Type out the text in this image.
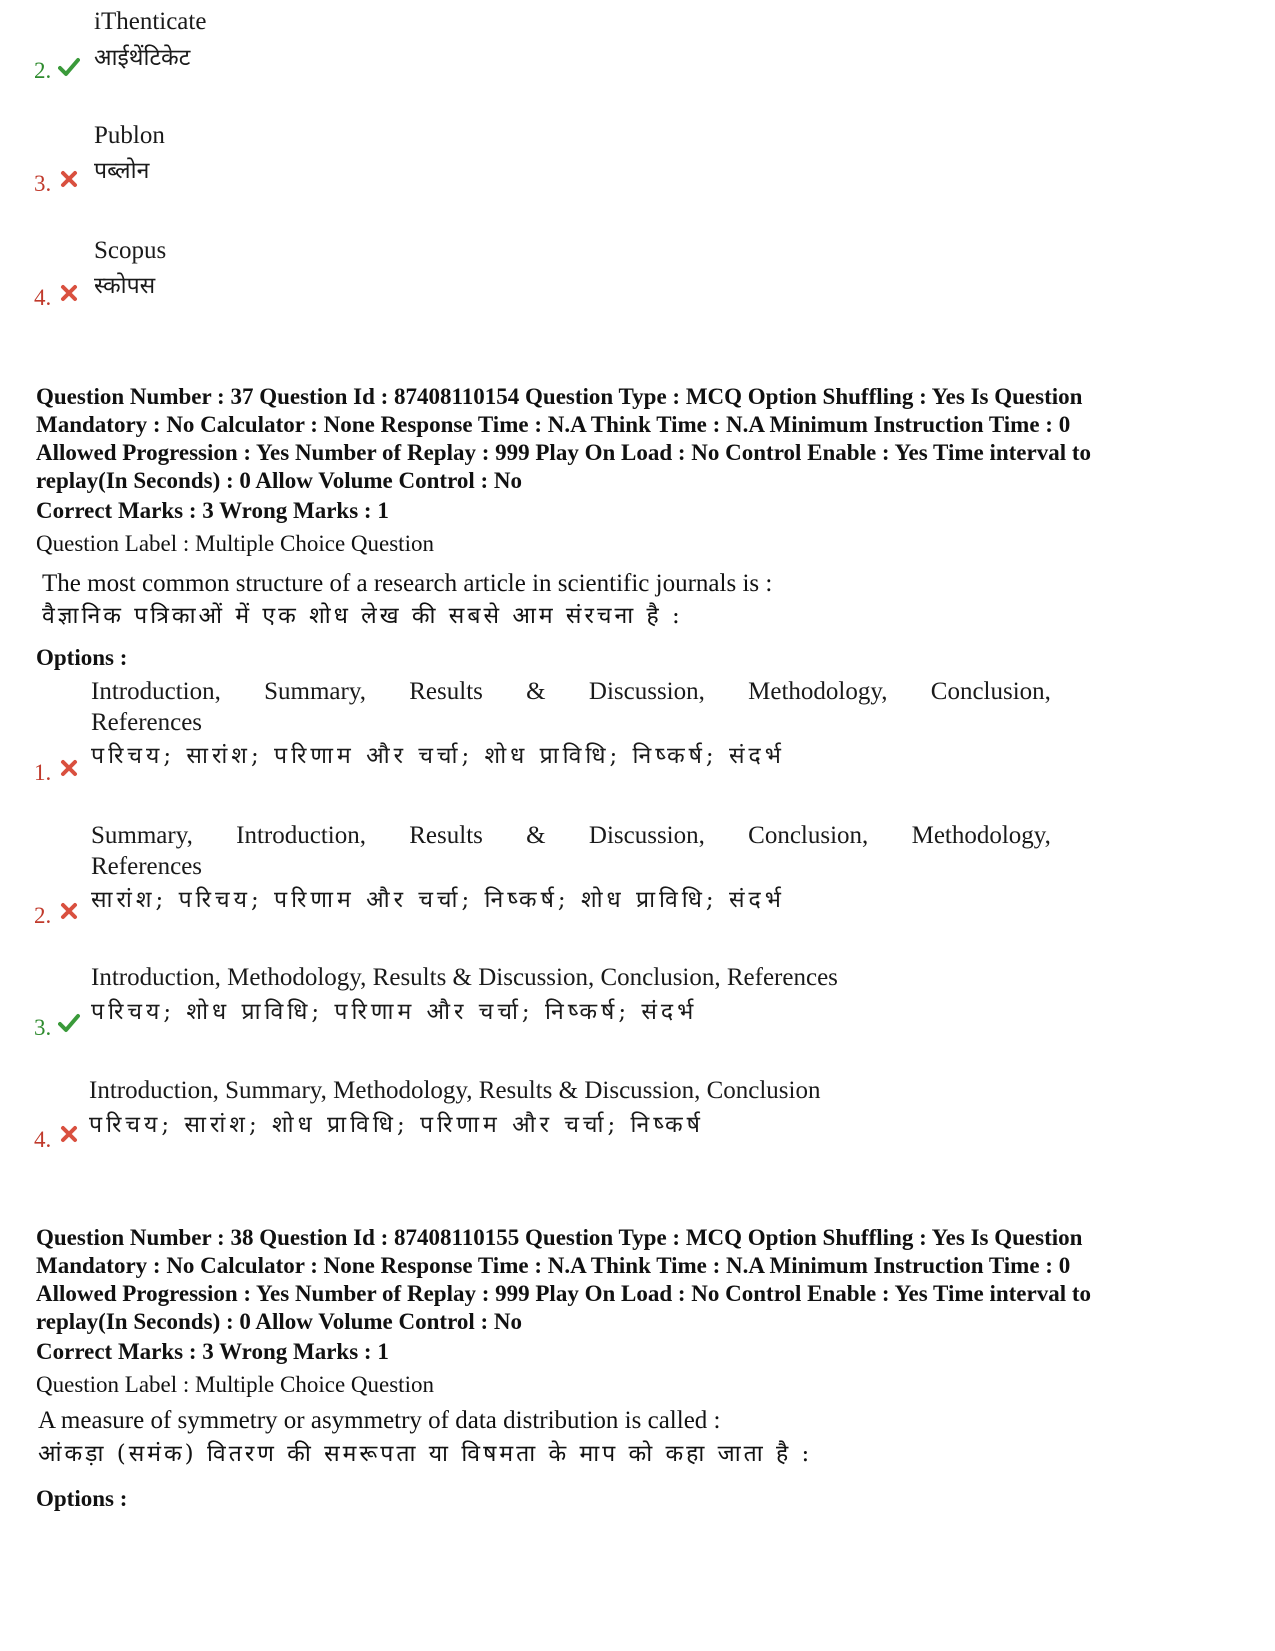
iThenticate
आईथेंटिकेट
2.
Publon
पब्लोन
3.
Scopus
स्कोपस
4.
Question Number : 37 Question Id : 87408110154 Question Type : MCQ Option Shuffling : Yes Is Question
Mandatory : No Calculator : None Response Time : N.A Think Time : N.A Minimum Instruction Time : 0
Allowed Progression : Yes Number of Replay : 999 Play On Load : No Control Enable : Yes Time interval to
replay(In Seconds) : 0 Allow Volume Control : No
Correct Marks : 3 Wrong Marks : 1
Question Label : Multiple Choice Question
The most common structure of a research article in scientific journals is :
वैज्ञानिक पत्रिकाओं में एक शोध लेख की सबसे आम संरचना है :
Options :
Introduction, Summary, Results & Discussion, Methodology, Conclusion,
References
परिचय; सारांश; परिणाम और चर्चा; शोध प्राविधि; निष्कर्ष; संदर्भ
1.
Summary, Introduction, Results & Discussion, Conclusion, Methodology,
References
सारांश; परिचय; परिणाम और चर्चा; निष्कर्ष; शोध प्राविधि; संदर्भ
2.
Introduction, Methodology, Results & Discussion, Conclusion, References
परिचय; शोध प्राविधि; परिणाम और चर्चा; निष्कर्ष; संदर्भ
3.
Introduction, Summary, Methodology, Results & Discussion, Conclusion
परिचय; सारांश; शोध प्राविधि; परिणाम और चर्चा; निष्कर्ष
4.
Question Number : 38 Question Id : 87408110155 Question Type : MCQ Option Shuffling : Yes Is Question
Mandatory : No Calculator : None Response Time : N.A Think Time : N.A Minimum Instruction Time : 0
Allowed Progression : Yes Number of Replay : 999 Play On Load : No Control Enable : Yes Time interval to
replay(In Seconds) : 0 Allow Volume Control : No
Correct Marks : 3 Wrong Marks : 1
Question Label : Multiple Choice Question
A measure of symmetry or asymmetry of data distribution is called :
आंकड़ा (समंक) वितरण की समरूपता या विषमता के माप को कहा जाता है :
Options :
